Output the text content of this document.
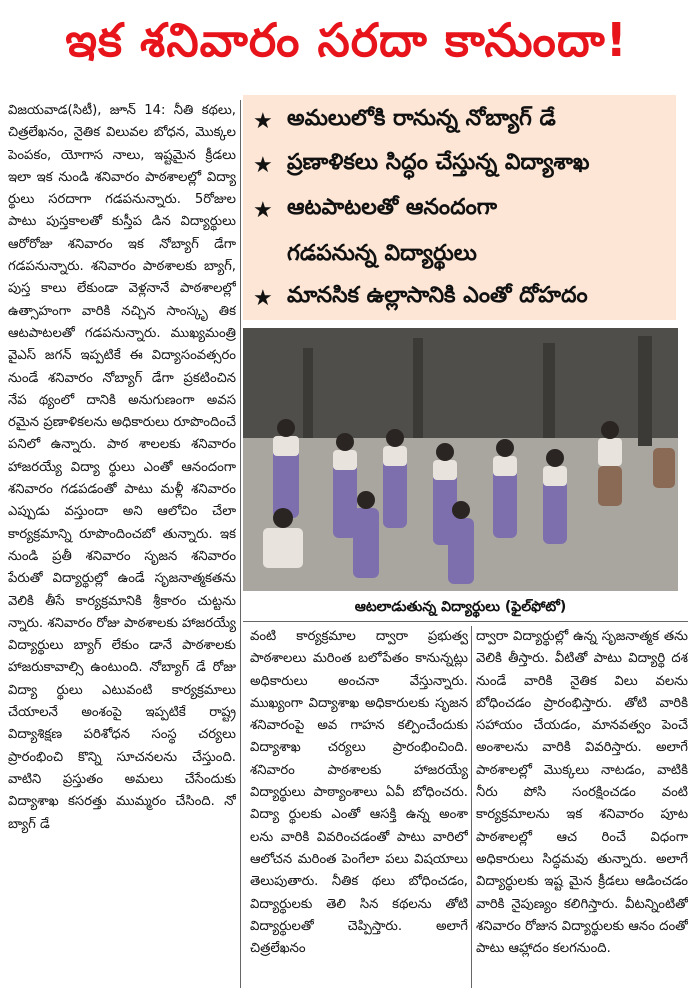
ఇక శనివారం సరదా కానుందా!

విజయవాడ(సిటీ), జూన్ 14: నీతి కథలు, చిత్రలేఖనం, నైతిక విలువల బోధన, మొక్కల పెంపకం, యోగాస నాలు, ఇష్టమైన క్రీడలు ఇలా ఇక నుండి శనివారం పాఠశాలల్లో విద్యా ర్థులు సరదాగా గడపనున్నారు. 5రోజుల పాటు పుస్తకాలతో కుస్తీప డిన విద్యార్థులు ఆరోరోజు శనివారం ఇక నోబ్యాగ్ డేగా గడపనున్నారు. శనివారం పాఠశాలకు బ్యాగ్, పుస్త కాలు లేకుండా వెళ్లనానే పాఠశాలల్లో ఉత్సాహంగా వారికి నచ్చిన సాంస్కృ తిక ఆటపాటలతో గడపనున్నారు. ముఖ్యమంత్రి వైఎస్ జగన్ ఇప్పటికే ఈ విద్యాసంవత్సరం నుండే శనివారం నోబ్యాగ్ డేగా ప్రకటించిన నేప థ్యంలో దానికి అనుగుణంగా అవస రమైన ప్రణాళికలను అధికారులు రూపొందించే పనిలో ఉన్నారు. పాఠ శాలలకు శనివారం హాజరయ్యే విద్యా ర్థులు ఎంతో ఆనందంగా శనివారం గడపడంతో పాటు మళ్లీ శనివారం ఎప్పుడు వస్తుందా అని ఆలోచిం చేలా కార్యక్రమాన్ని రూపొందించబో తున్నారు. ఇక నుండి ప్రతీ శనివారం సృజన శనివారం పేరుతో విద్యార్థుల్లో ఉండే సృజనాత్మకతను వెలికి తీసే కార్యక్రమానికి శ్రీకారం చుట్టను న్నారు. శనివారం రోజు పాఠశాలకు హాజరయ్యే విద్యార్థులు బ్యాగ్ లేకుం డానే పాఠశాలకు హాజరుకావాల్సి ఉంటుంది. నోబ్యాగ్ డే రోజు విద్యా ర్థులు ఎటువంటి కార్యక్రమాలు చేయాలనే అంశంపై ఇప్పటికే రాష్ట్ర విద్యాశిక్షణ పరిశోధన సంస్థ చర్యలు ప్రారంభించి కొన్ని సూచనలను చేస్తుంది. వాటిని ప్రస్తుతం అమలు చేసేందుకు విద్యాశాఖ కసరత్తు ముమ్మరం చేసింది. నో బ్యాగ్ డే

★ అమలులోకి రానున్న నోబ్యాగ్ డే
★ ప్రణాళికలు సిద్ధం చేస్తున్న విద్యాశాఖ
★ ఆటపాటలతో ఆనందంగా
గడపనున్న విద్యార్థులు
★ మానసిక ఉల్లాసానికి ఎంతో దోహదం
ఆటలాడుతున్న విద్యార్థులు (ఫైల్‌ఫోటో)

వంటి కార్యక్రమాల ద్వారా ప్రభుత్వ పాఠశాలలు మరింత బలోపేతం కానున్నట్లు అధికారులు అంచనా వేస్తున్నారు. ముఖ్యంగా విద్యాశాఖ అధికారులకు సృజన శనివారంపై అవ గాహన కల్పించేందుకు విద్యాశాఖ చర్యలు ప్రారంభించింది. శనివారం పాఠశాలకు హాజరయ్యే విద్యార్థులు పాఠ్యాంశాలు ఏవీ బోధించరు. విద్యా ర్థులకు ఎంతో ఆసక్తి ఉన్న అంశా లను వారికి వివరించడంతో పాటు వారిలో ఆలోచన మరింత పెంగేలా పలు విషయాలు తెలుపుతారు. నీతిక థలు బోధించడం, విద్యార్థులకు తెలి సిన కథలను తోటి విద్యార్థులతో చెప్పిస్తారు. అలాగే చిత్రలేఖనం

ద్వారా విద్యార్థుల్లో ఉన్న సృజనాత్మక తను వెలికి తీస్తారు. వీటితో పాటు విద్యార్థి దశ నుండే వారికి నైతిక విలు వలను బోధించడం ప్రారంభిస్తారు. తోటి వారికి సహాయం చేయడం, మానవత్వం పెంచే అంశాలను వారికి వివరిస్తారు. అలాగే పాఠశాలల్లో మొక్కలు నాటడం, వాటికి నీరు పోసి సంరక్షించడం వంటి కార్యక్రమాలను ఇక శనివారం పూట పాఠశాలల్లో ఆచ రించే విధంగా అధికారులు సిద్ధమవు తున్నారు. అలాగే విద్యార్థులకు ఇష్ట మైన క్రీడలు ఆడించడం వారికి నైపుణ్యం కలిగిస్తారు. వీటన్నింటితో శనివారం రోజున విద్యార్థులకు ఆనం దంతో పాటు ఆహ్లాదం కలగనుంది.
